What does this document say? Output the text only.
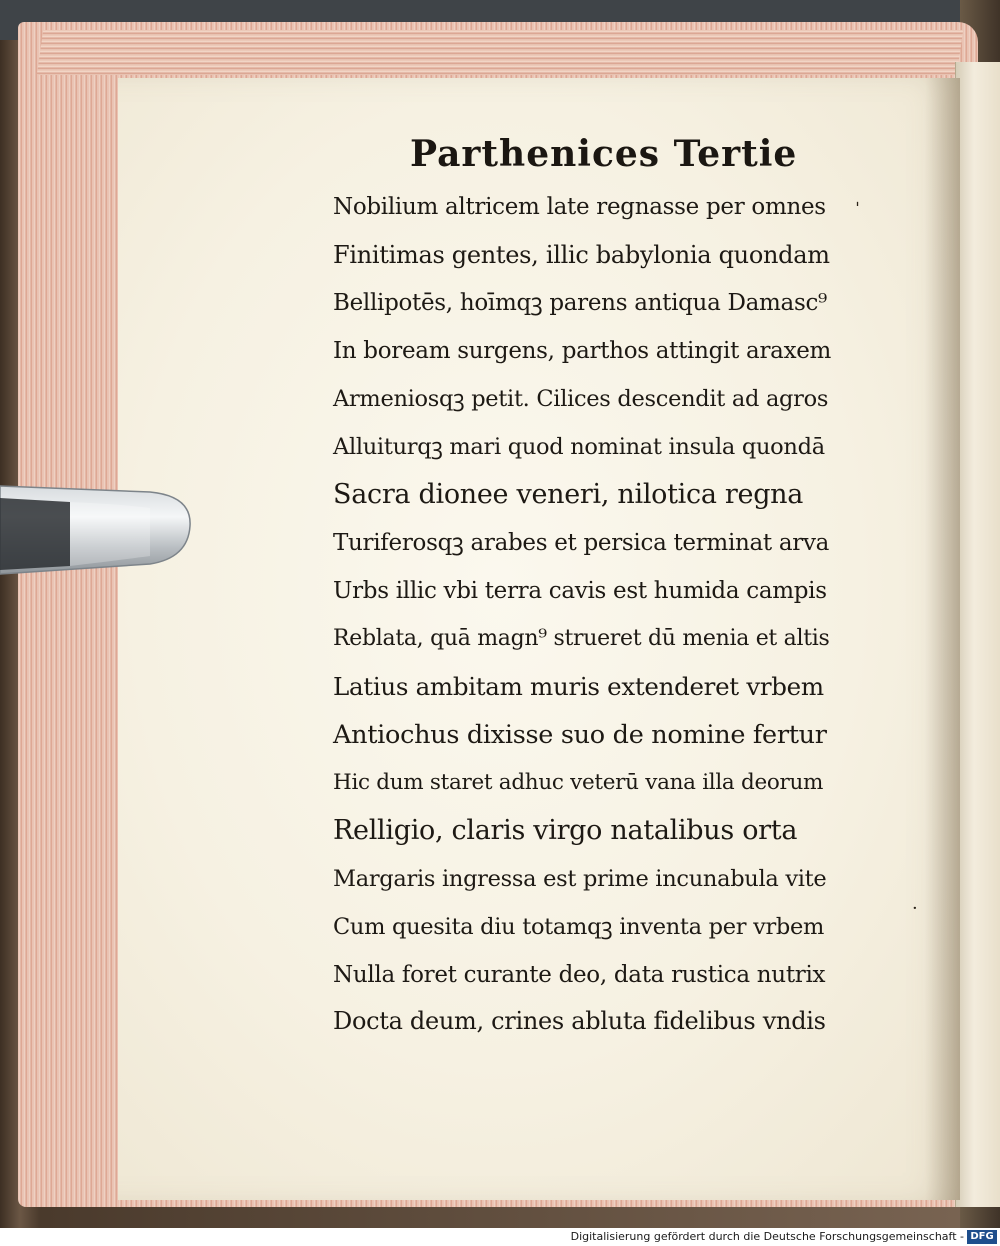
Parthenices Tertie
Nobilium altricem late regnasse per omnes
Finitimas gentes, illic babylonia quondam
Bellipotēs, hoīmqꝫ parens antiqua Damasc⁹
In boream surgens, parthos attingit araxem
Armeniosqꝫ petit. Cilices descendit ad agros
Alluiturqꝫ mari quod nominat insula quondā
Sacra dionee veneri, nilotica regna
Turiferosqꝫ arabes et persica terminat arva
Urbs illic vbi terra cavis est humida campis
Reblata, quā magn⁹ strueret dū menia et altis
Latius ambitam muris extenderet vrbem
Antiochus dixisse suo de nomine fertur
Hic dum staret adhuc veterū vana illa deorum
Relligio, claris virgo natalibus orta
Margaris ingressa est prime incunabula vite
Cum quesita diu totamqꝫ inventa per vrbem
Nulla foret curante deo, data rustica nutrix
Docta deum, crines abluta fidelibus vndis
ˌ
·
Digitalisierung gefördert durch die Deutsche Forschungsgemeinschaft - DFG
